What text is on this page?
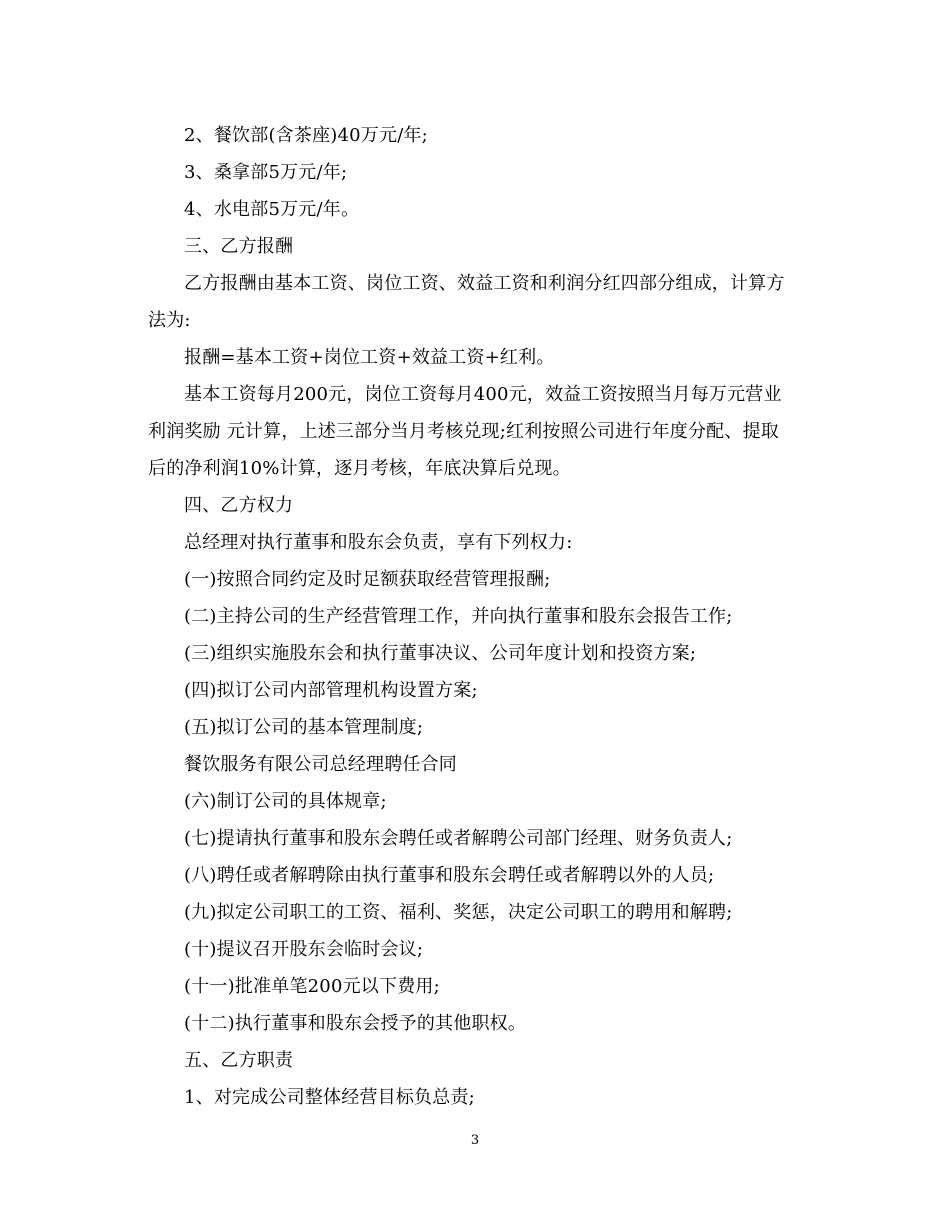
2、餐饮部(含茶座)40万元/年;
3、桑拿部5万元/年;
4、水电部5万元/年。
三、乙方报酬
乙方报酬由基本工资、岗位工资、效益工资和利润分红四部分组成，计算方
法为:
报酬=基本工资+岗位工资+效益工资+红利。
基本工资每月200元，岗位工资每月400元，效益工资按照当月每万元营业
利润奖励 元计算，上述三部分当月考核兑现;红利按照公司进行年度分配、提取
后的净利润10%计算，逐月考核，年底决算后兑现。
四、乙方权力
总经理对执行董事和股东会负责，享有下列权力:
(一)按照合同约定及时足额获取经营管理报酬;
(二)主持公司的生产经营管理工作，并向执行董事和股东会报告工作;
(三)组织实施股东会和执行董事决议、公司年度计划和投资方案;
(四)拟订公司内部管理机构设置方案;
(五)拟订公司的基本管理制度;
餐饮服务有限公司总经理聘任合同
(六)制订公司的具体规章;
(七)提请执行董事和股东会聘任或者解聘公司部门经理、财务负责人;
(八)聘任或者解聘除由执行董事和股东会聘任或者解聘以外的人员;
(九)拟定公司职工的工资、福利、奖惩，决定公司职工的聘用和解聘;
(十)提议召开股东会临时会议;
(十一)批准单笔200元以下费用;
(十二)执行董事和股东会授予的其他职权。
五、乙方职责
1、对完成公司整体经营目标负总责;
3
